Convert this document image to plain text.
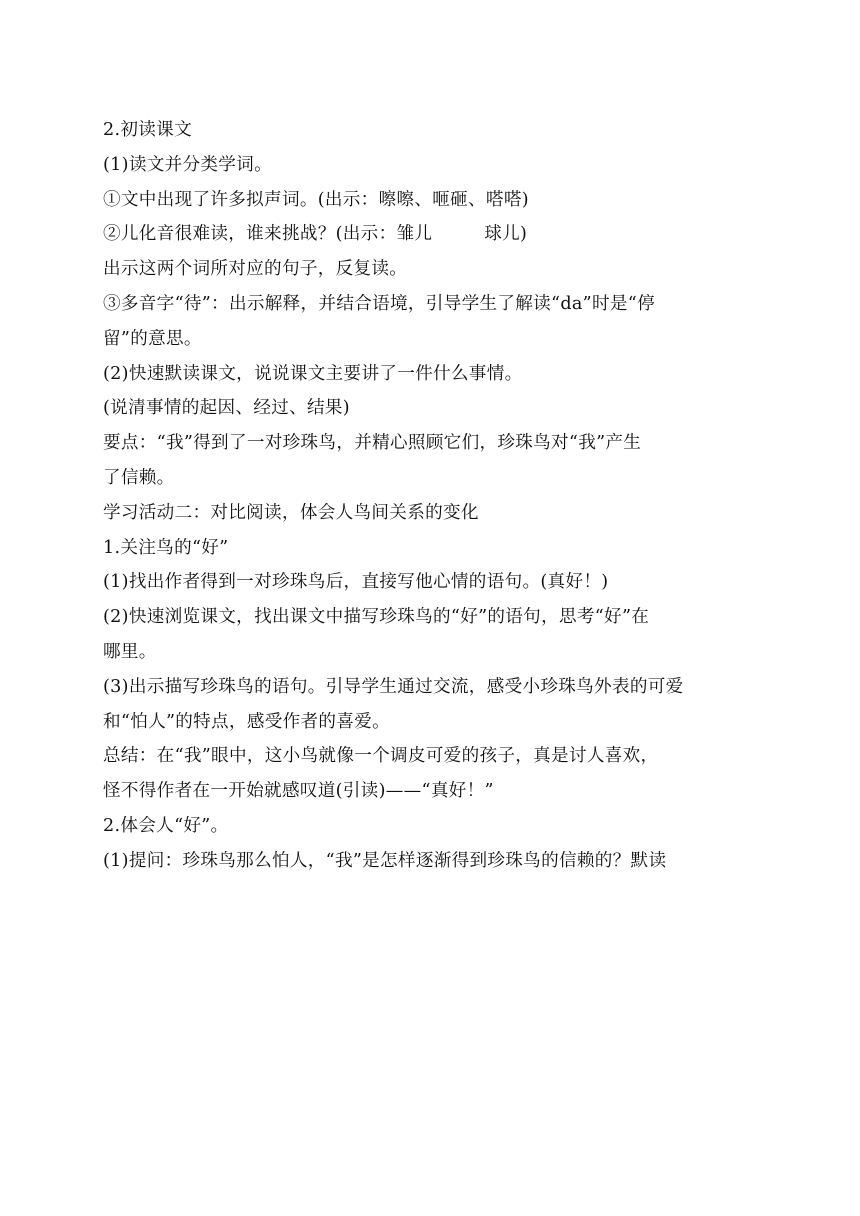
2.初读课文
(1)读文并分类学词。
①文中出现了许多拟声词。(出示：嚓嚓、咂砸、嗒嗒)
②儿化音很难读，谁来挑战？(出示：雏儿	球儿)
出示这两个词所对应的句子，反复读。
③多音字“待”：出示解释，并结合语境，引导学生了解读“da”时是“停
留”的意思。
(2)快速默读课文，说说课文主要讲了一件什么事情。
(说清事情的起因、经过、结果)
要点：“我”得到了一对珍珠鸟，并精心照顾它们，珍珠鸟对“我”产生
了信赖。
学习活动二：对比阅读，体会人鸟间关系的变化
1.关注鸟的“好”
(1)找出作者得到一对珍珠鸟后，直接写他心情的语句。(真好！)
(2)快速浏览课文，找出课文中描写珍珠鸟的“好”的语句，思考“好”在
哪里。
(3)出示描写珍珠鸟的语句。引导学生通过交流，感受小珍珠鸟外表的可爱
和“怕人”的特点，感受作者的喜爱。
总结：在“我”眼中，这小鸟就像一个调皮可爱的孩子，真是讨人喜欢，
怪不得作者在一开始就感叹道(引读)——“真好！”
2.体会人“好”。
(1)提问：珍珠鸟那么怕人，“我”是怎样逐渐得到珍珠鸟的信赖的？默读
